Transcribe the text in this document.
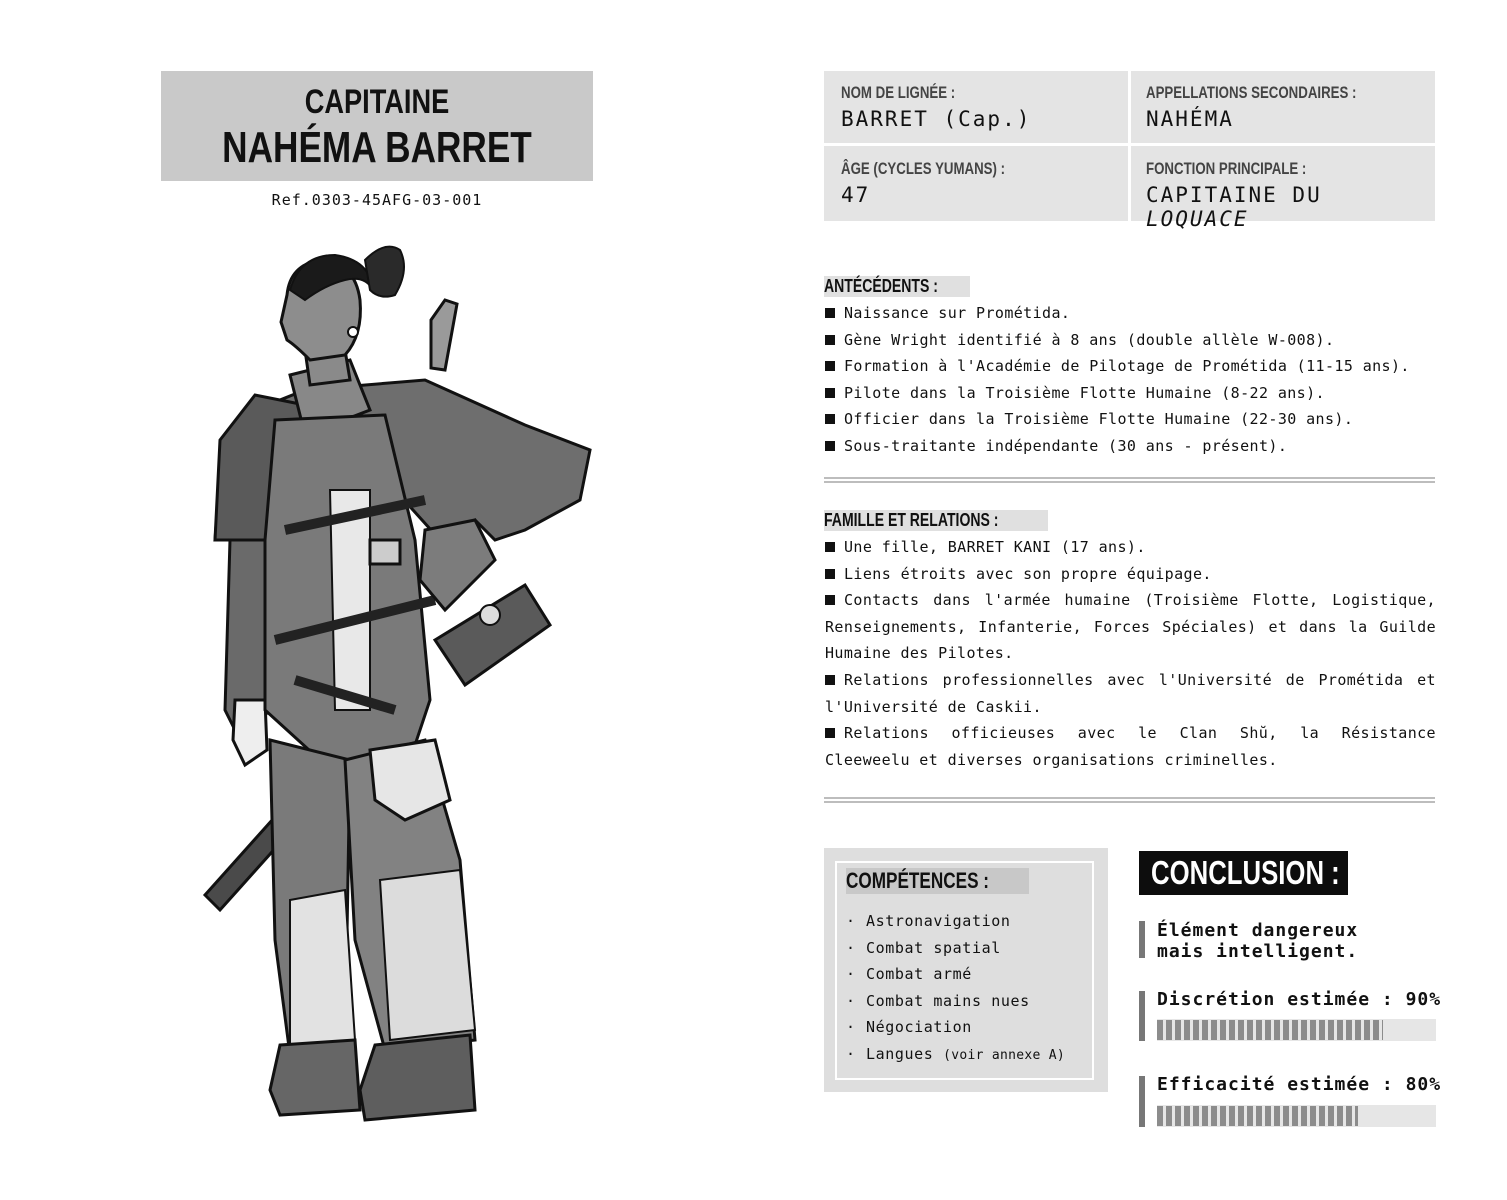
CAPITAINE
NAHÉMA BARRET
Ref.0303-45AFG-03-001
NOM DE LIGNÉE :
BARRET (Cap.)
APPELLATIONS SECONDAIRES :
NAHÉMA
ÂGE (CYCLES YUMANS) :
47
FONCTION PRINCIPALE :
CAPITAINE DU LOQUACE
ANTÉCÉDENTS :
Naissance sur Prométida.
Gène Wright identifié à 8 ans (double allèle W-008).
Formation à l'Académie de Pilotage de Prométida (11-15 ans).
Pilote dans la Troisième Flotte Humaine (8-22 ans).
Officier dans la Troisième Flotte Humaine (22-30 ans).
Sous-traitante indépendante (30 ans - présent).
FAMILLE ET RELATIONS :
Une fille, BARRET KANI (17 ans).
Liens étroits avec son propre équipage.
Contacts dans l'armée humaine (Troisième Flotte, Logistique, Renseignements, Infanterie, Forces Spéciales) et dans la Guilde Humaine des Pilotes.
Relations professionnelles avec l'Université de Prométida et l'Université de Caskii.
Relations officieuses avec le Clan Shŭ, la Résistance Cleeweelu et diverses organisations criminelles.
COMPÉTENCES :
· Astronavigation
· Combat spatial
· Combat armé
· Combat mains nues
· Négociation
· Langues (voir annexe A)
CONCLUSION :
Élément dangereux
mais intelligent.
Discrétion estimée : 90%
Efficacité estimée : 80%
